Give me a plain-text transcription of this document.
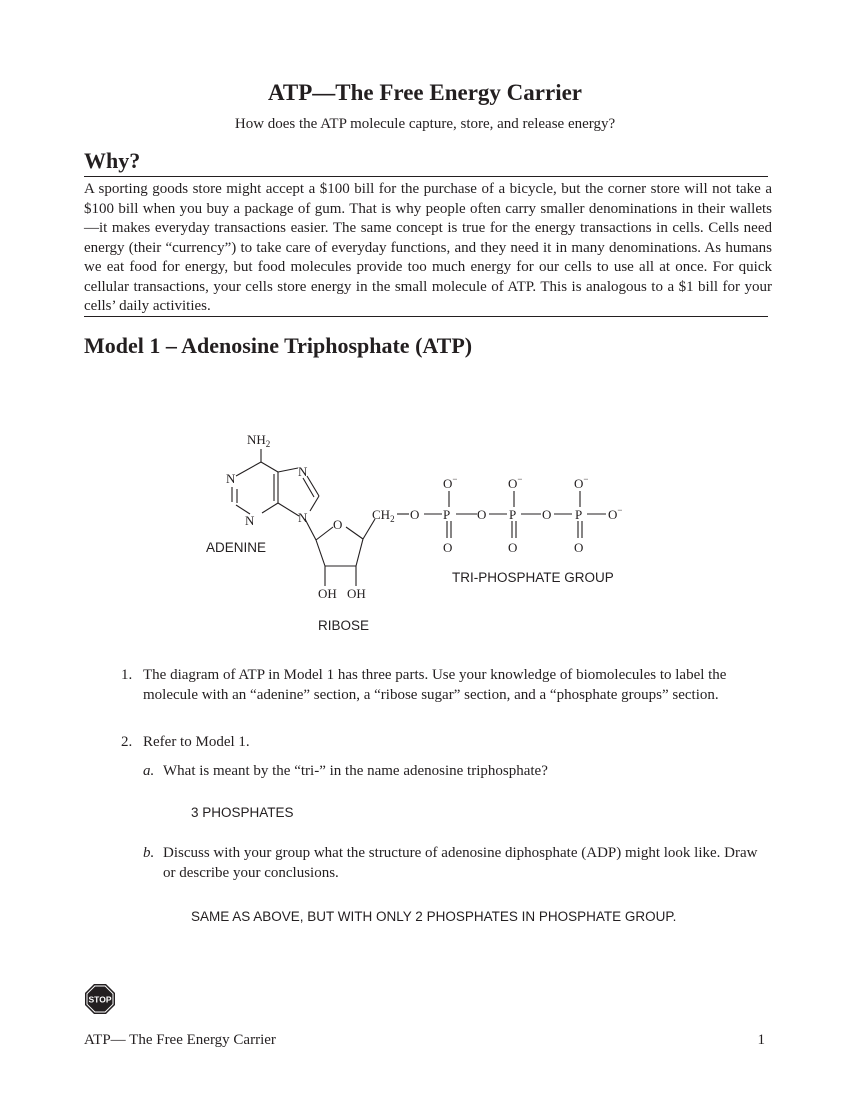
ATP—The Free Energy Carrier
How does the ATP molecule capture, store, and release energy?
Why?
A sporting goods store might accept a $100 bill for the purchase of a bicycle, but the corner store will not take a $100 bill when you buy a package of gum. That is why people often carry smaller denominations in their wallets—it makes everyday transactions easier. The same concept is true for the energy transactions in cells. Cells need energy (their “currency”) to take care of everyday functions, and they need it in many denominations. As humans we eat food for energy, but food molecules provide too much energy for our cells to use all at once. For quick cellular transactions, your cells store energy in the small molecule of ATP. This is analogous to a $1 bill for your cells’ daily activities.
Model 1 – Adenosine Triphosphate (ATP)
$NH_2$
N
N
N
N O
$CH_2$ O P O P O P O−
O−	O−	O−
O	O	O
OH OH
ADENINE
TRI-PHOSPHATE GROUP
RIBOSE
1. The diagram of ATP in Model 1 has three parts. Use your knowledge of biomolecules to label the molecule with an “adenine” section, a “ribose sugar” section, and a “phosphate groups” section.
2. Refer to Model 1.
a. What is meant by the “tri-” in the name adenosine triphosphate?
3 PHOSPHATES
b. Discuss with your group what the structure of adenosine diphosphate (ADP) might look like. Draw or describe your conclusions.
SAME AS ABOVE, BUT WITH ONLY 2 PHOSPHATES IN PHOSPHATE GROUP.
STOP
ATP— The Free Energy Carrier	1
